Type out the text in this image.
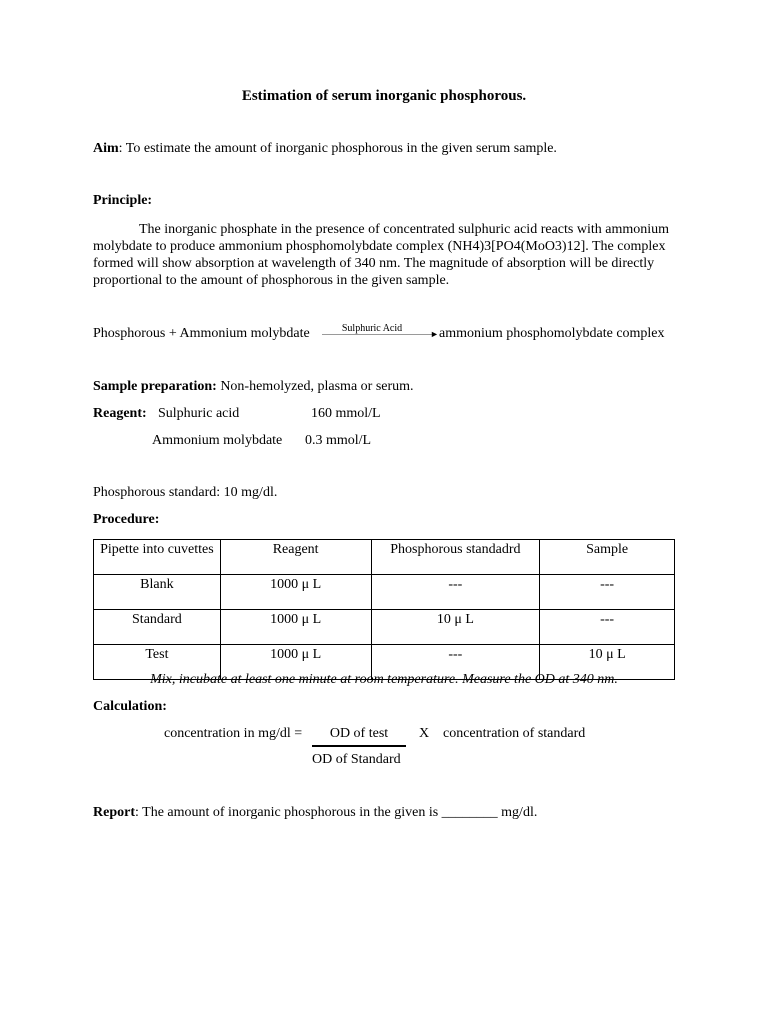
Estimation of serum inorganic phosphorous.
Aim: To estimate the amount of inorganic phosphorous in the given serum sample.
Principle:
The inorganic phosphate in the presence of concentrated sulphuric acid reacts with ammonium molybdate to produce ammonium phosphomolybdate complex (NH4)3[PO4(MoO3)12]. The complex formed will show absorption at wavelength of 340 nm. The magnitude of absorption will be directly proportional to the amount of phosphorous in the given sample.
Phosphorous + Ammonium molybdate	Sulphuric Acid	► ammonium phosphomolybdate complex
Sample preparation: Non-hemolyzed, plasma or serum.
Reagent: Sulphuric acid	160 mmol/L
Ammonium molybdate 0.3 mmol/L
Phosphorous standard: 10 mg/dl.
Procedure:
Pipette into cuvettes	Reagent	Phosphorous standadrd	Sample
Blank	1000 μ L	---	---
Standard	1000 μ L	10 μ L	---
Test	1000 μ L	---	10 μ L
Mix, incubate at least one minute at room temperature. Measure the OD at 340 nm.
Calculation:
concentration in mg/dl =	OD of test	X concentration of standard
OD of Standard
Report: The amount of inorganic phosphorous in the given is ________ mg/dl.
